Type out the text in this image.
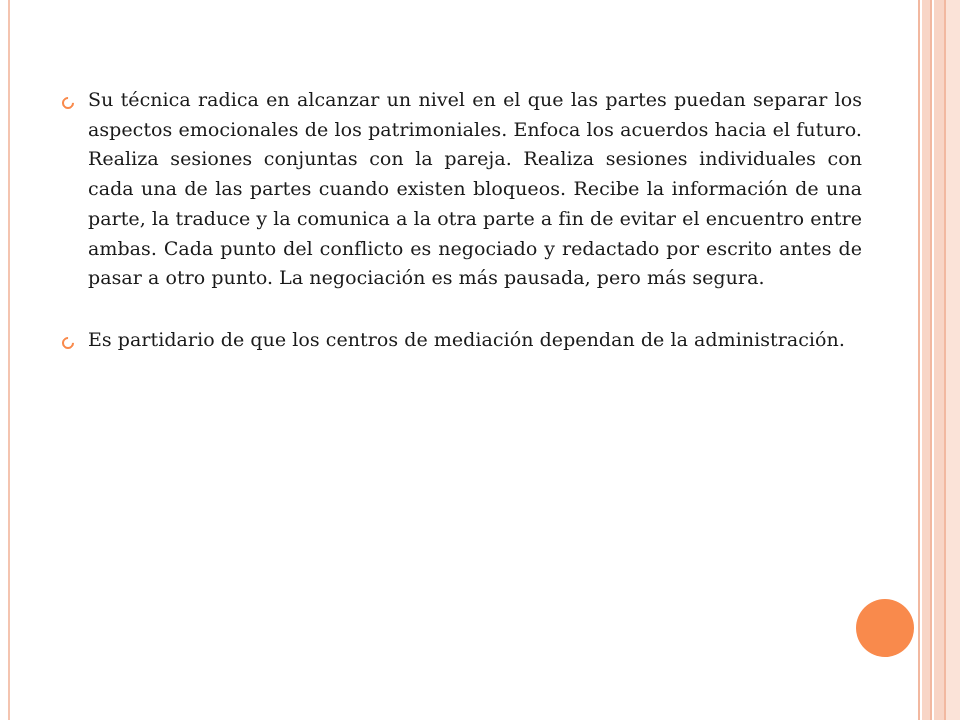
Su técnica radica en alcanzar un nivel en el que las partes puedan separar los aspectos emocionales de los patrimoniales. Enfoca los acuerdos hacia el futuro. Realiza sesiones conjuntas con la pareja. Realiza sesiones individuales con cada una de las partes cuando existen bloqueos. Recibe la información de una parte, la traduce y la comunica a la otra parte a fin de evitar el encuentro entre ambas. Cada punto del conflicto es negociado y redactado por escrito antes de pasar a otro punto. La negociación es más pausada, pero más segura.
Es partidario de que los centros de mediación dependan de la administración.
